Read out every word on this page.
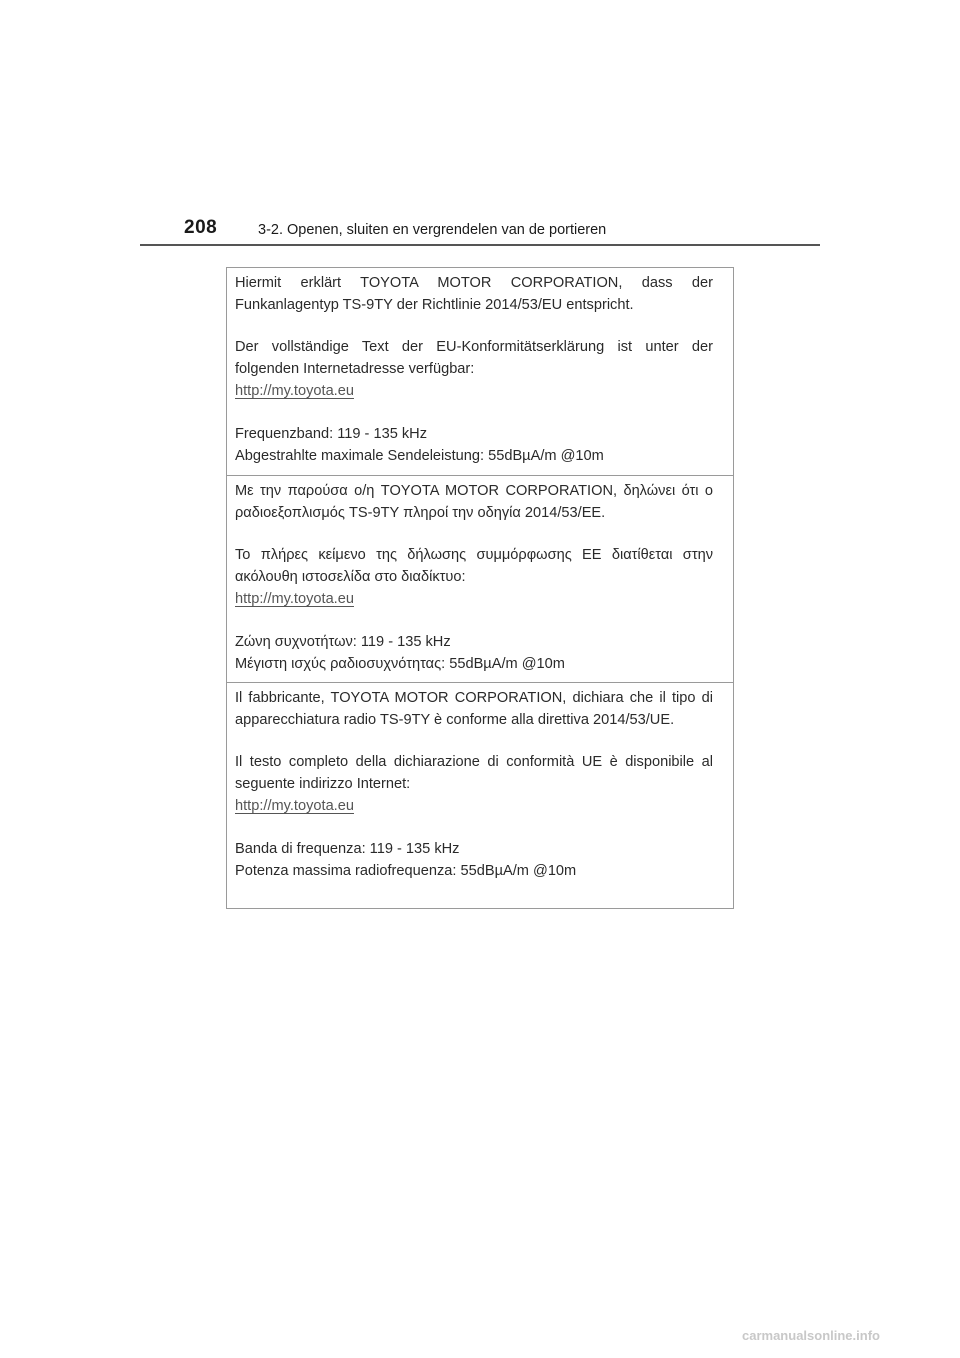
208	3-2. Openen, sluiten en vergrendelen van de portieren

Hiermit erklärt TOYOTA MOTOR CORPORATION, dass der Funkanlagentyp TS-9TY der Richtlinie 2014/53/EU entspricht.

Der vollständige Text der EU-Konformitätserklärung ist unter der folgenden Internetadresse verfügbar:

http://my.toyota.eu

Frequenzband: 119 - 135 kHz

Abgestrahlte maximale Sendeleistung: 55dBµA/m @10m

Με την παρούσα ο/η TOYOTA MOTOR CORPORATION, δηλώνει ότι ο ραδιοεξοπλισμός TS-9TY πληροί την οδηγία 2014/53/ΕΕ.

Το πλήρες κείμενο της δήλωσης συμμόρφωσης ΕΕ διατίθεται στην ακόλουθη ιστοσελίδα στο διαδίκτυο:

http://my.toyota.eu

Ζώνη συχνοτήτων: 119 - 135 kHz

Μέγιστη ισχύς ραδιοσυχνότητας: 55dBµA/m @10m

Il fabbricante, TOYOTA MOTOR CORPORATION, dichiara che il tipo di apparecchiatura radio TS-9TY è conforme alla direttiva 2014/53/UE.

Il testo completo della dichiarazione di conformità UE è disponibile al seguente indirizzo Internet:

http://my.toyota.eu

Banda di frequenza: 119 - 135 kHz

Potenza massima radiofrequenza: 55dBµA/m @10m

carmanualsonline.info
